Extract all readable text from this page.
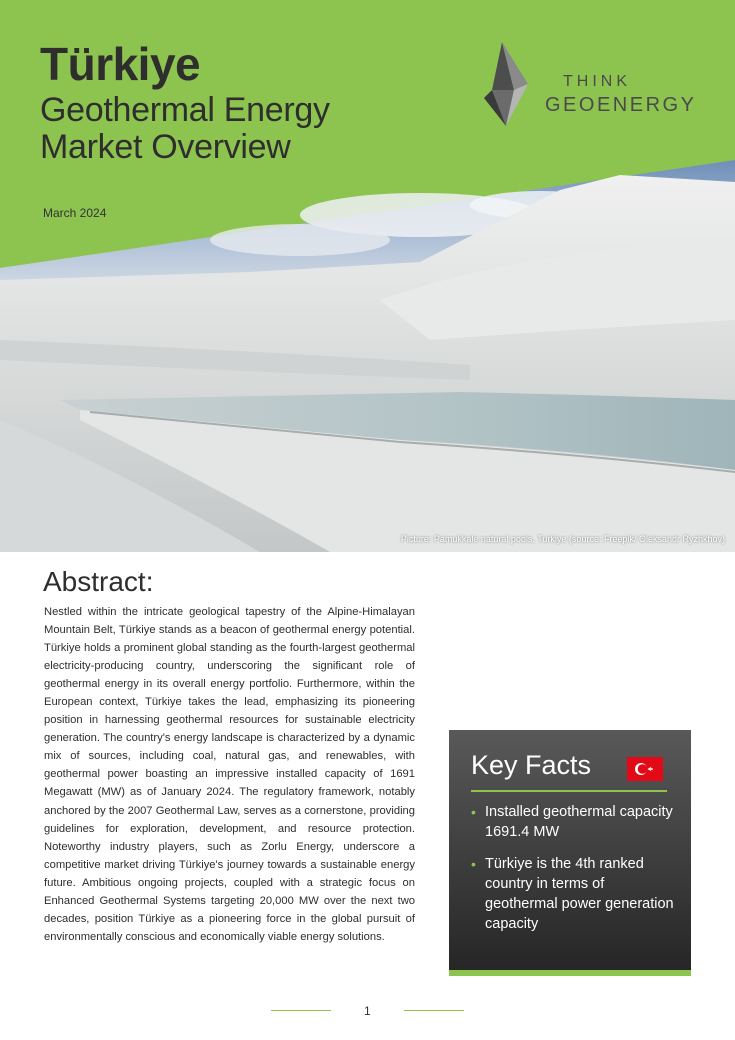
Türkiye
Geothermal Energy
Market Overview
THINK
GEOENERGY
March 2024
Picture: Pamukkale natural pools, Turkiye (source: Freepik/ Oleksandr Ryzhkhov)
Abstract:

Nestled within the intricate geological tapestry of the Alpine-Himalayan Mountain Belt, Türkiye stands as a beacon of geothermal energy potential. Türkiye holds a prominent global standing as the fourth-largest geothermal electricity-producing country, underscoring the significant role of geothermal energy in its overall energy portfolio. Furthermore, within the European context, Türkiye takes the lead, emphasizing its pioneering position in harnessing geothermal resources for sustainable electricity generation. The country's energy landscape is characterized by a dynamic mix of sources, including coal, natural gas, and renewables, with geothermal power boasting an impressive installed capacity of 1691 Megawatt (MW) as of January 2024. The regulatory framework, notably anchored by the 2007 Geothermal Law, serves as a cornerstone, providing guidelines for exploration, development, and resource protection. Noteworthy industry players, such as Zorlu Energy, underscore a competitive market driving Türkiye's journey towards a sustainable energy future. Ambitious ongoing projects, coupled with a strategic focus on Enhanced Geothermal Systems targeting 20,000 MW over the next two decades, position Türkiye as a pioneering force in the global pursuit of environmentally conscious and economically viable energy solutions.

Key Facts
• Installed geothermal capacity 1691.4 MW
• Türkiye is the 4th ranked country in terms of geothermal power generation capacity
1
